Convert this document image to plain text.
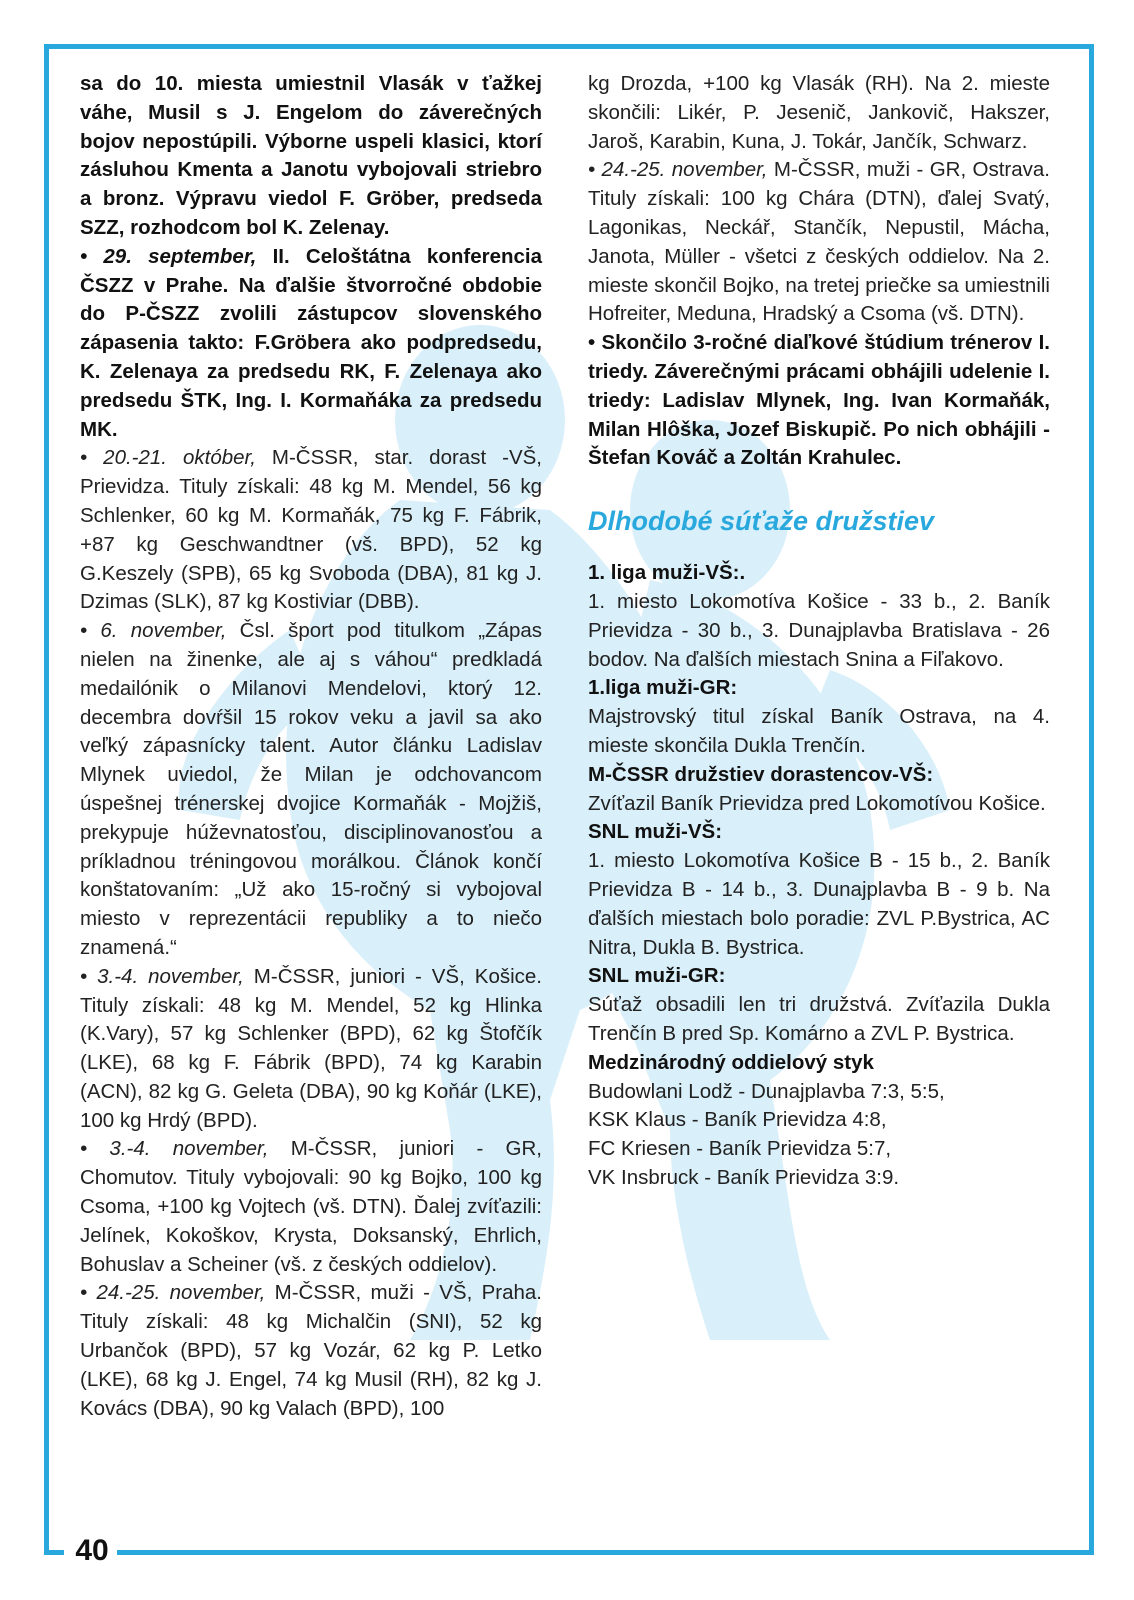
40

sa do 10. miesta umiestnil Vlasák v ťažkej váhe, Musil s J. Engelom do záverečných bojov nepostúpili. Výborne uspeli klasici, ktorí zásluhou Kmenta a Janotu vybojovali striebro a bronz. Výpravu viedol F. Gröber, predseda SZZ, rozhodcom bol K. Zelenay.

• 29. september, II. Celoštátna konferencia ČSZZ v Prahe. Na ďalšie štvorročné obdobie do P-ČSZZ zvolili zástupcov slovenského zápasenia takto: F.Gröbera ako podpredsedu, K. Zelenaya za predsedu RK, F. Zelenaya ako predsedu ŠTK, Ing. I. Kormaňáka za predsedu MK.

• 20.-21. október, M-ČSSR, star. dorast -VŠ, Prievidza. Tituly získali: 48 kg M. Mendel, 56 kg Schlenker, 60 kg M. Kormaňák, 75 kg F. Fábrik, +87 kg Geschwandtner (vš. BPD), 52 kg G.Keszely (SPB), 65 kg Svoboda (DBA), 81 kg J. Dzimas (SLK), 87 kg Kostiviar (DBB).

• 6. november, Čsl. šport pod titulkom „Zápas nielen na žinenke, ale aj s váhou“ predkladá medailónik o Milanovi Mendelovi, ktorý 12. decembra dovŕšil 15 rokov veku a javil sa ako veľký zápasnícky talent. Autor článku Ladislav Mlynek uviedol, že Milan je odchovancom úspešnej trénerskej dvojice Kormaňák - Mojžiš, prekypuje húževnatosťou, disciplinovanosťou a príkladnou tréningovou morálkou. Článok končí konštatovaním: „Už ako 15-ročný si vybojoval miesto v reprezentácii republiky a to niečo znamená.“

• 3.-4. november, M-ČSSR, juniori - VŠ, Košice. Tituly získali: 48 kg M. Mendel, 52 kg Hlinka (K.Vary), 57 kg Schlenker (BPD), 62 kg Štofčík (LKE), 68 kg F. Fábrik (BPD), 74 kg Karabin (ACN), 82 kg G. Geleta (DBA), 90 kg Koňár (LKE), 100 kg Hrdý (BPD).

• 3.-4. november, M-ČSSR, juniori - GR, Chomutov. Tituly vybojovali: 90 kg Bojko, 100 kg Csoma, +100 kg Vojtech (vš. DTN). Ďalej zvíťazili: Jelínek, Kokoškov, Krysta, Doksanský, Ehrlich, Bohuslav a Scheiner (vš. z českých oddielov).

• 24.-25. november, M-ČSSR, muži - VŠ, Praha. Tituly získali: 48 kg Michalčin (SNI), 52 kg Urbančok (BPD), 57 kg Vozár, 62 kg P. Letko (LKE), 68 kg J. Engel, 74 kg Musil (RH), 82 kg J. Kovács (DBA), 90 kg Valach (BPD), 100

kg Drozda, +100 kg Vlasák (RH). Na 2. mieste skončili: Likér, P. Jesenič, Jankovič, Hakszer, Jaroš, Karabin, Kuna, J. Tokár, Jančík, Schwarz.

• 24.-25. november, M-ČSSR, muži - GR, Ostrava. Tituly získali: 100 kg Chára (DTN), ďalej Svatý, Lagonikas, Neckář, Stančík, Nepustil, Mácha, Janota, Müller - všetci z českých oddielov. Na 2. mieste skončil Bojko, na tretej priečke sa umiestnili Hofreiter, Meduna, Hradský a Csoma (vš. DTN).

• Skončilo 3-ročné diaľkové štúdium trénerov I. triedy. Záverečnými prácami obhájili udelenie I. triedy: Ladislav Mlynek, Ing. Ivan Kormaňák, Milan Hlôška, Jozef Biskupič. Po nich obhájili - Štefan Kováč a Zoltán Krahulec.

Dlhodobé súťaže družstiev

1. liga muži-VŠ:.

1. miesto Lokomotíva Košice - 33 b., 2. Baník Prievidza - 30 b., 3. Dunajplavba Bratislava - 26 bodov. Na ďalších miestach Snina a Fiľakovo.

1.liga muži-GR:

Majstrovský titul získal Baník Ostrava, na 4. mieste skončila Dukla Trenčín.

M-ČSSR družstiev dorastencov-VŠ:

Zvíťazil Baník Prievidza pred Lokomotívou Košice.

SNL muži-VŠ:

1. miesto Lokomotíva Košice B - 15 b., 2. Baník Prievidza B - 14 b., 3. Dunajplavba B - 9 b. Na ďalších miestach bolo poradie: ZVL P.Bystrica, AC Nitra, Dukla B. Bystrica.

SNL muži-GR:

Súťaž obsadili len tri družstvá. Zvíťazila Dukla Trenčín B pred Sp. Komárno a ZVL P. Bystrica.

Medzinárodný oddielový styk

Budowlani Lodž - Dunajplavba 7:3, 5:5,

KSK Klaus - Baník Prievidza 4:8,

FC Kriesen - Baník Prievidza 5:7,

VK Insbruck - Baník Prievidza 3:9.
